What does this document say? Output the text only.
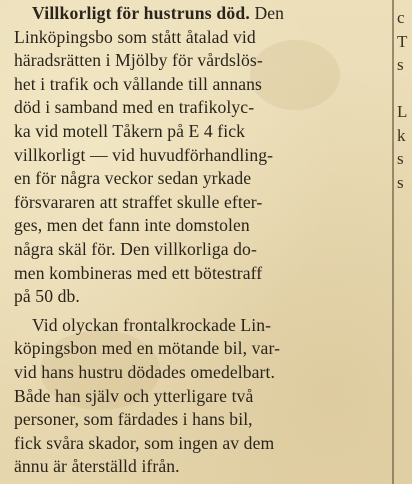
Villkorligt för hustruns död. Den
Linköpingsbo som stått åtalad vid
häradsrätten i Mjölby för vårdslös-
het i trafik och vållande till annans
död i samband med en trafikolyc-
ka vid motell Tåkern på E 4 fick
villkorligt — vid huvudförhandling-
en för några veckor sedan yrkade
försvararen att straffet skulle efter-
ges, men det fann inte domstolen
några skäl för. Den villkorliga do-
men kombineras med ett bötestraff
på 50 db.

Vid olyckan frontalkrockade Lin-
köpingsbon med en mötande bil, var-
vid hans hustru dödades omedelbart.
Både han själv och ytterligare två
personer, som färdades i hans bil,
fick svåra skador, som ingen av dem
ännu är återställd ifrån.

c
T
s

L
k
s
s
